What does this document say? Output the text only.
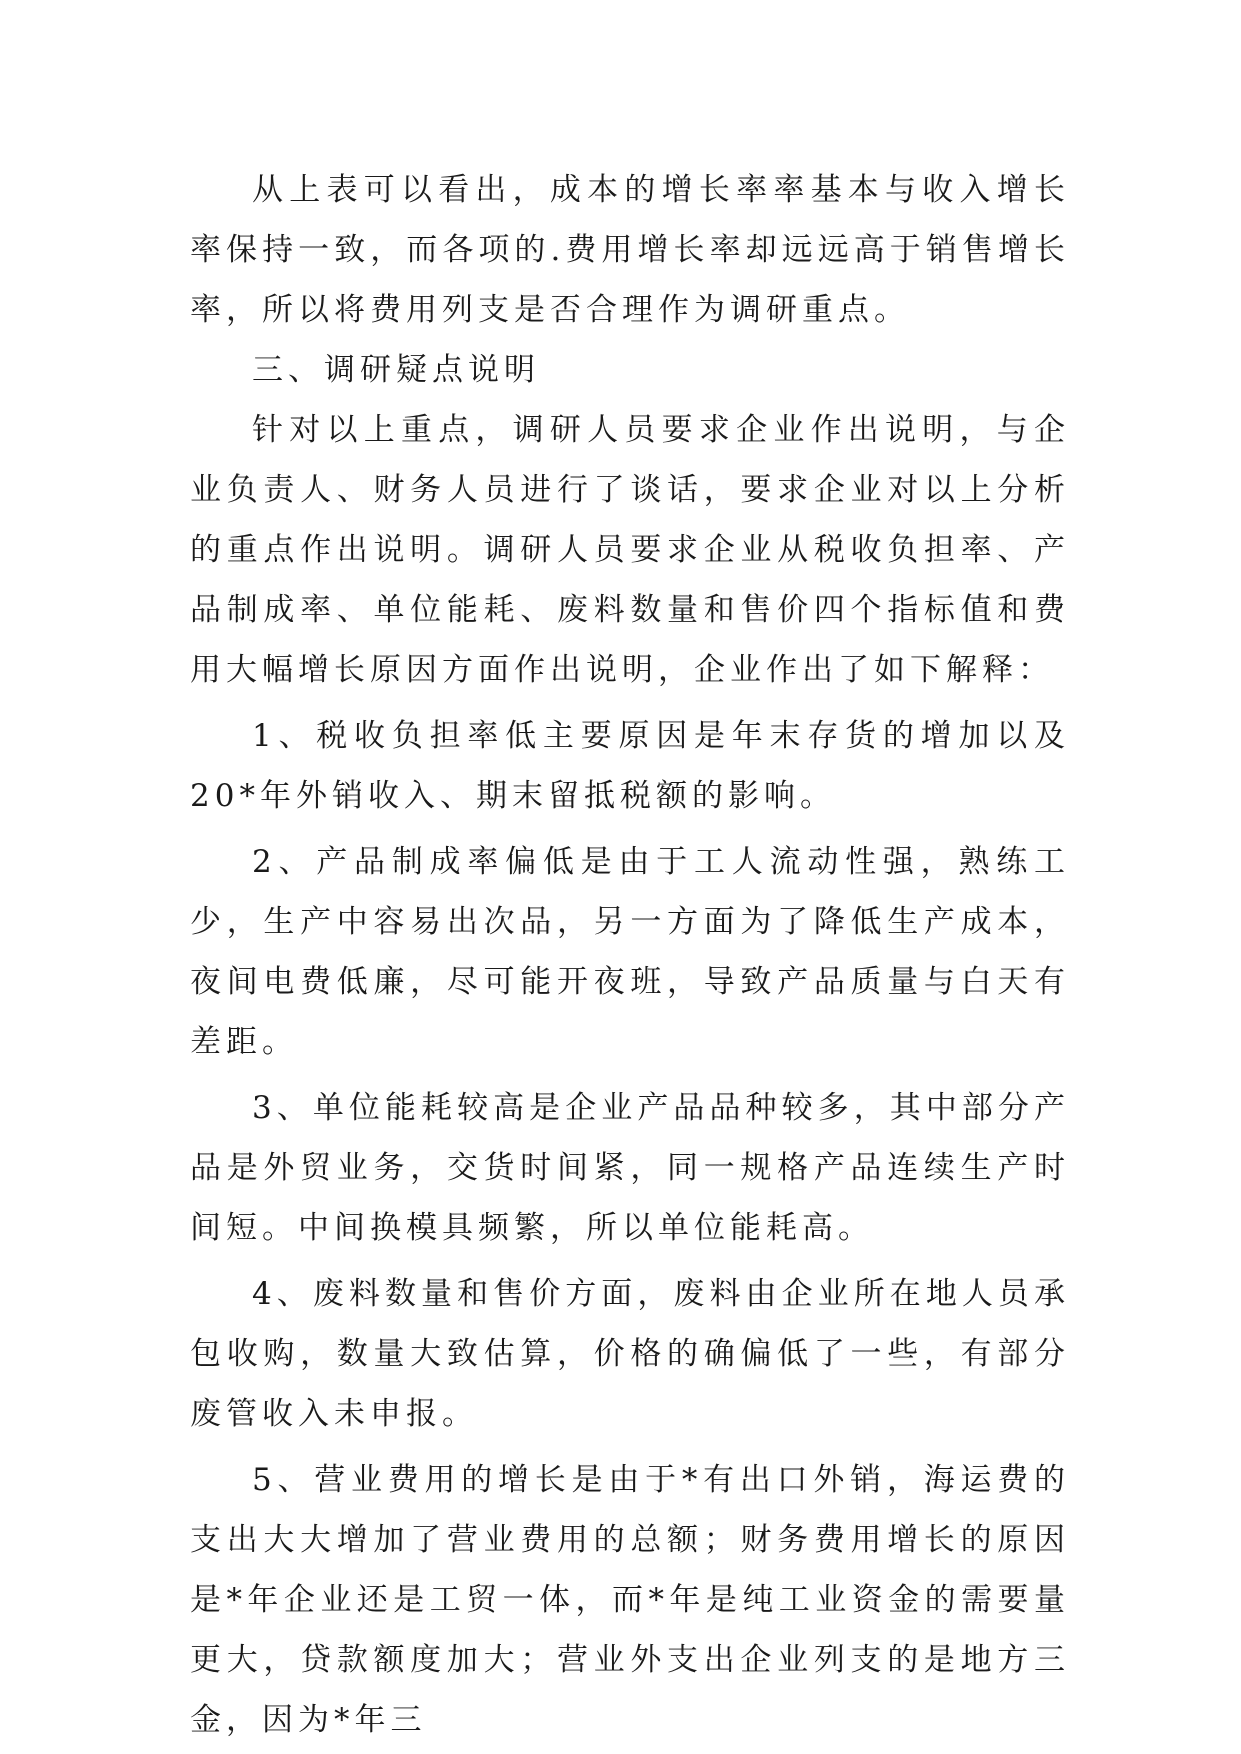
从上表可以看出，成本的增长率率基本与收入增长率保持一致，而各项的.费用增长率却远远高于销售增长率，所以将费用列支是否合理作为调研重点。

三、调研疑点说明

针对以上重点，调研人员要求企业作出说明，与企业负责人、财务人员进行了谈话，要求企业对以上分析的重点作出说明。调研人员要求企业从税收负担率、产品制成率、单位能耗、废料数量和售价四个指标值和费用大幅增长原因方面作出说明，企业作出了如下解释：

1、税收负担率低主要原因是年末存货的增加以及20*年外销收入、期末留抵税额的影响。

2、产品制成率偏低是由于工人流动性强，熟练工少，生产中容易出次品，另一方面为了降低生产成本，夜间电费低廉，尽可能开夜班，导致产品质量与白天有差距。

3、单位能耗较高是企业产品品种较多，其中部分产品是外贸业务，交货时间紧，同一规格产品连续生产时间短。中间换模具频繁，所以单位能耗高。

4、废料数量和售价方面，废料由企业所在地人员承包收购，数量大致估算，价格的确偏低了一些，有部分废管收入未申报。

5、营业费用的增长是由于*有出口外销，海运费的支出大大增加了营业费用的总额；财务费用增长的原因是*年企业还是工贸一体，而*年是纯工业资金的需要量更大，贷款额度加大；营业外支出企业列支的是地方三金，因为*年三
